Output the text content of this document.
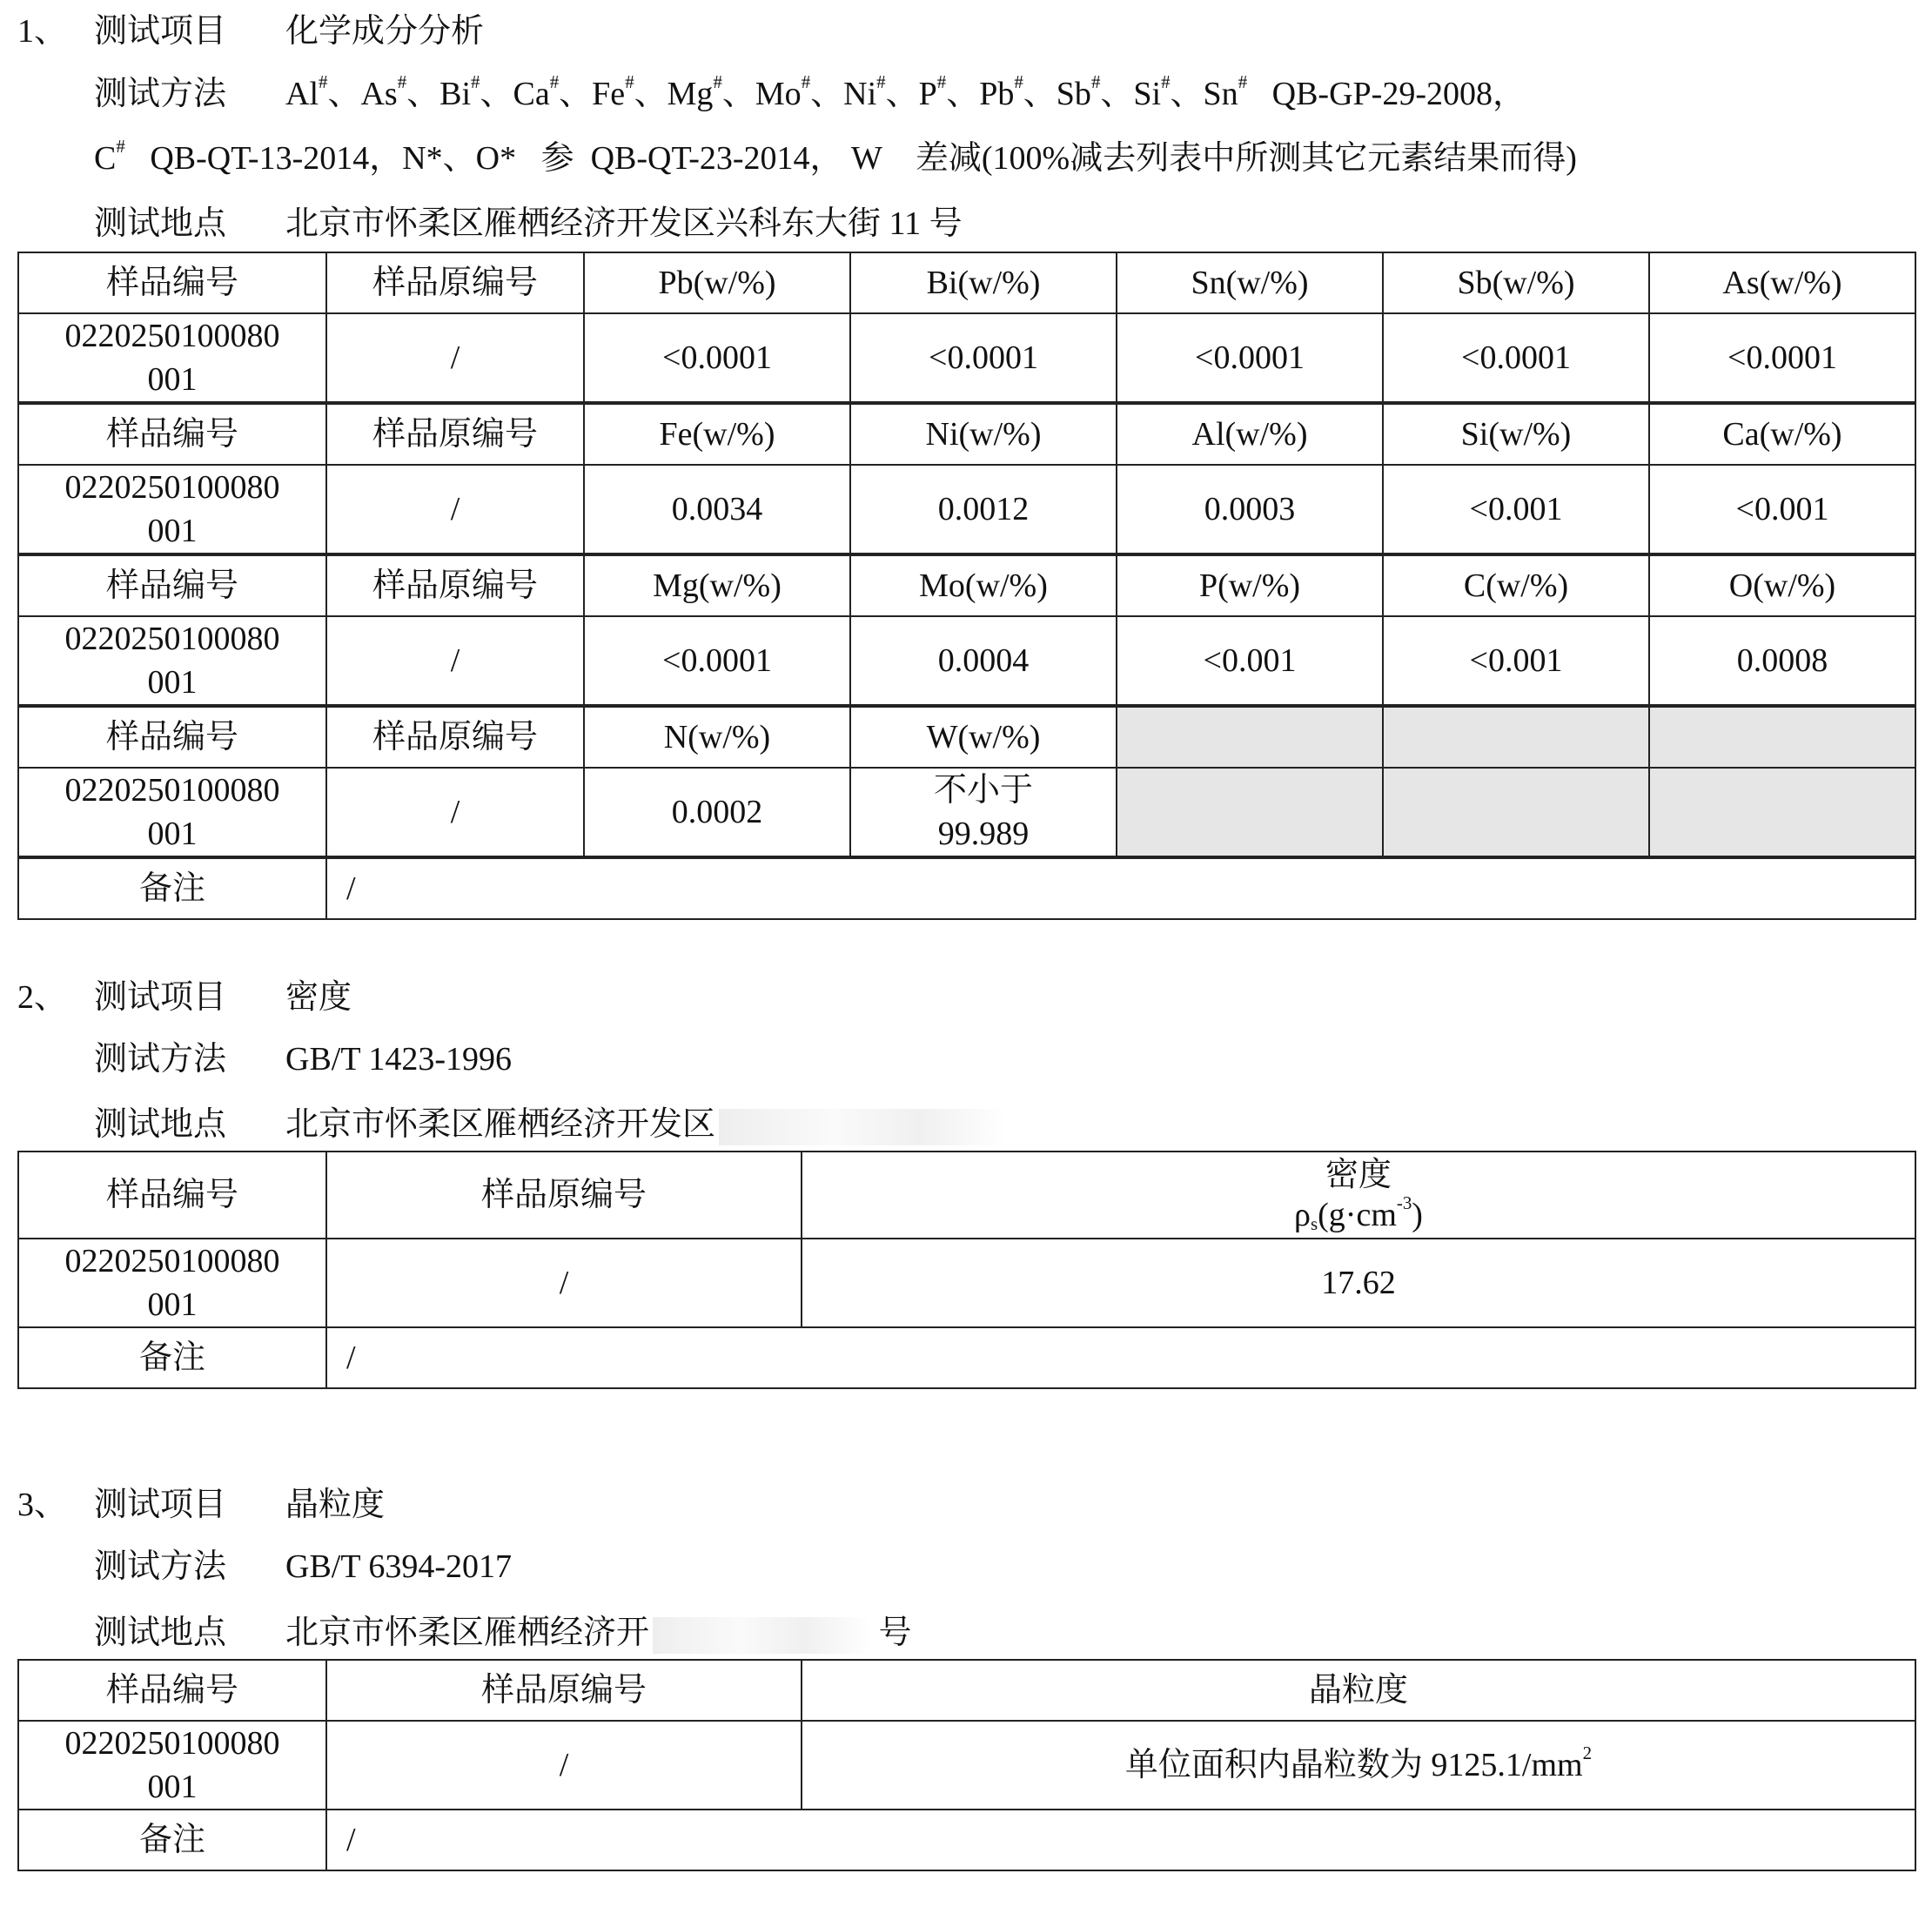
1、 测试项目 化学成分分析
测试方法 Al#、As#、Bi#、Ca#、Fe#、Mg#、Mo#、Ni#、P#、Pb#、Sb#、Si#、Sn#   QB-GP-29-2008，
C#   QB-QT-13-2014，N*、O*   参  QB-QT-23-2014， W    差减(100%减去列表中所测其它元素结果而得)
测试地点 北京市怀柔区雁栖经济开发区兴科东大街 11 号
样品编号	样品原编号	Pb(w/%)	Bi(w/%)	Sn(w/%)	Sb(w/%)	As(w/%)
0220250100080
001	/	<0.0001	<0.0001	<0.0001	<0.0001	<0.0001
样品编号	样品原编号	Fe(w/%)	Ni(w/%)	Al(w/%)	Si(w/%)	Ca(w/%)
0220250100080
001	/	0.0034	0.0012	0.0003	<0.001	<0.001
样品编号	样品原编号	Mg(w/%)	Mo(w/%)	P(w/%)	C(w/%)	O(w/%)
0220250100080
001	/	<0.0001	0.0004	<0.001	<0.001	0.0008
样品编号	样品原编号	N(w/%)	W(w/%)			
0220250100080
001	/	0.0002	不小于
99.989			
备注	/					
2、 测试项目 密度
测试方法 GB/T 1423-1996
测试地点 北京市怀柔区雁栖经济开发区
样品编号	样品原编号	密度
$\rho_s(g\cdot cm^{-3})$

0220250100080
001	/	17.62
备注	/	
3、 测试项目 晶粒度
测试方法 GB/T 6394-2017
测试地点 北京市怀柔区雁栖经济开	号
样品编号	样品原编号	晶粒度
0220250100080
001	/	单位面积内晶粒数为 $9125.1/mm^2$
备注	/	
